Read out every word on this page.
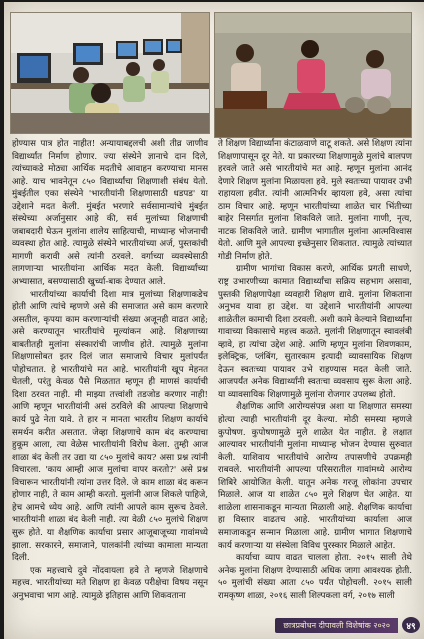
होण्यास पात्र होत नाहीत! अन्यायाबद्दलची अशी तीव्र जाणीव विद्यार्थ्यांत निर्माण होणार. ज्या संस्थेने ज्ञानाचे दान दिले, त्यांच्याकडे मोठ्या आर्थिक मदतीचे आवाहन करण्याचा मानस आहे. याच भावनेतून ८५० विद्यार्थ्यांचा शिक्षणाशी संबंध येतो. मुंबईतील एका संस्थेने 'भारतीयांनी शिक्षणासाठी धडपड' या उद्देशाने मदत केली. मुंबईत भरणारे सर्वसामान्यांचे मुंबईत संस्थेच्या अर्जानुसार आहे की, सर्व मुलांच्या शिक्षणाची जबाबदारी घेऊन मुलांना शालेय साहित्याची, माध्यान्ह भोजनाची व्यवस्था होत आहे. त्यामुळे संस्थेने भारतीयांच्या अर्ज, पुस्तकांची मागणी करावी असे त्यांनी ठरवले. वर्गाच्या व्यवस्थेसाठी लागणाऱ्या भारतीयांना आर्थिक मदत केली. विद्यार्थ्यांच्या अभ्यासात, बसण्यासाठी खुर्च्या-बाक देण्यात आले.

भारतीयांच्या कार्याची दिशा मात्र मुलांच्या शिक्षणाकडेच होती आणि त्यांचे म्हणणे असे की समाजात असे काम करणारे असतील, कृपया काम करणाऱ्यांची संख्या अजूनही वाढत आहे; असे करण्यातून भारतीयांचे मूल्यांकन आहे. शिक्षणाच्या बाबतीतही मुलांना संस्कारांची जाणीव होते. त्यामुळे मुलांना शिक्षणासोबत इतर दिलं जात समाजाचे विचार मुलांपर्यंत पोहोचतात. हे भारतीयांचे मत आहे. भारतीयांनी खूप मेहनत घेतली, परंतु केवळ पैसे मिळतात म्हणून ही माणसं कार्याची दिशा ठरवत नाही. मी माझ्या तत्त्वांशी तडजोड करणार नाही! आणि म्हणून भारतीयांनी असं ठरविले की आपल्या शिक्षणाचे कार्य पुढे नेता यावे. ते हार न मानता भारतीय शिक्षण कार्याचे समर्थन करीत असतात. जेव्हा शिक्षणाचे काम बंद करण्याचा हुकूम आला, त्या वेळेस भारतीयांनी विरोध केला. तुम्ही आज शाळा बंद केली तर उद्या या ८५० मुलांचे काय? असा प्रश्न त्यांनी विचारला. 'काय आम्ही आज मुलांचा वापर करतो?' असे प्रश्न विचारून भारतीयांनी त्यांना उत्तर दिले. जे काम शाळा बंद करून होणार नाही, ते काम आम्ही करतो. मुलांनी आज शिकले पाहिजे, हेच आमचे ध्येय आहे. आणि त्यांनी आपले काम सुरूच ठेवले. भारतीयांनी शाळा बंद केली नाही. त्या वेळी ८५० मुलांचे शिक्षण सुरू होते. या शैक्षणिक कार्याचा प्रसार आजूबाजूच्या गावांमध्ये झाला. सरकारने, समाजाने, पालकांनी त्यांच्या कामाला मान्यता दिली.

एक महत्त्वाचे दुवे नोंदवायला हवे ते म्हणजे शिक्षणाचे महत्त्व. भारतीयांच्या मते शिक्षण हा केवळ परीक्षेचा विषय नसून अनुभवाचा भाग आहे. त्यामुळे इतिहास आणि शिकवताना

ते शिक्षण विद्यार्थ्यांना कंटाळवाणे वाटू शकते. असे शिक्षण त्यांना शिक्षणापासून दूर नेते. या प्रकारच्या शिक्षणामुळे मुलांचे बालपण हरवले जाते असे भारतीयांचे मत आहे. म्हणून मुलांना आनंद देणारे शिक्षण मुलांना मिळायला हवे. मुले स्वतःच्या पायावर उभी राहायला हवीत. त्यांनी आत्मनिर्भर व्हायला हवे, असा त्यांचा ठाम विचार आहे. म्हणून भारतीयांच्या शाळेत चार भिंतीच्या बाहेर निसर्गात मुलांना शिकविले जाते. मुलांना गाणी, नृत्य, नाटक शिकविले जाते. ग्रामीण भागातील मुलांना आत्मविश्वास येतो. आणि मुले आपल्या इच्छेनुसार शिकतात. त्यामुळे त्यांच्यात गोडी निर्माण होते.

ग्रामीण भागांचा विकास करणे, आर्थिक प्रगती साधणे, राष्ट्र उभारणीच्या कामात विद्यार्थ्यांचा सक्रिय सहभाग असावा, पुस्तकी शिक्षणापेक्षा व्यवहारी शिक्षण द्यावे. मुलांना शिकताना अनुभव यावा हा उद्देश. या उद्देशाने भारतीयांनी आपल्या शाळेतील कामाची दिशा ठरवली. अशी कामे केल्याने विद्यार्थ्यांना गावाच्या विकासाचे महत्त्व कळते. मुलांनी शिक्षणातून स्वावलंबी व्हावे, हा त्यांचा उद्देश आहे. आणि म्हणून मुलांना शिवणकाम, इलेक्ट्रिक, प्लंबिंग, सुतारकाम इत्यादी व्यावसायिक शिक्षण देऊन स्वतःच्या पायावर उभे राहण्यास मदत केली जाते. आजपर्यंत अनेक विद्यार्थ्यांनी स्वतःचा व्यवसाय सुरू केला आहे. या व्यावसायिक शिक्षणामुळे मुलांना रोजगार उपलब्ध होतो.

शैक्षणिक आणि आरोग्यसंपन्न अशा या शिक्षणात समस्या होत्या त्याही भारतीयांनी दूर केल्या. मोठी समस्या म्हणजे कुपोषण. कुपोषणामुळे मुले शाळेत येत नाहीत. हे लक्षात आल्यावर भारतीयांनी मुलांना माध्यान्ह भोजन देण्यास सुरुवात केली. याशिवाय भारतीयांचे आरोग्य तपासणीचे उपक्रमही राबवले. भारतीयांनी आपल्या परिसरातील गावांमध्ये आरोग्य शिबिरे आयोजित केली. यातून अनेक गरजू लोकांना उपचार मिळाले. आज या शाळेत ८५० मुले शिक्षण घेत आहेत. या शाळेला शासनाकडून मान्यता मिळाली आहे. शैक्षणिक कार्याचा हा विस्तार वाढतच आहे. भारतीयांच्या कार्याला आज समाजाकडून सन्मान मिळाला आहे. ग्रामीण भागात शिक्षणाचे कार्य करणाऱ्या या संस्थेला विविध पुरस्कार मिळाले आहेत.

कार्याचा व्याप वाढत चालला होता. २०१५ साली तेथे अनेक मुलांना शिक्षण देण्यासाठी अधिक जागा आवश्यक होती. ५० मुलांची संख्या आता ८५० पर्यंत पोहोचली. २०१५ साली रामकृष्ण शाळा, २०१६ साली शिल्पकला वर्ग, २०१७ साली

छात्रप्रबोधन दीपावली विशेषांक २०२०	४९
